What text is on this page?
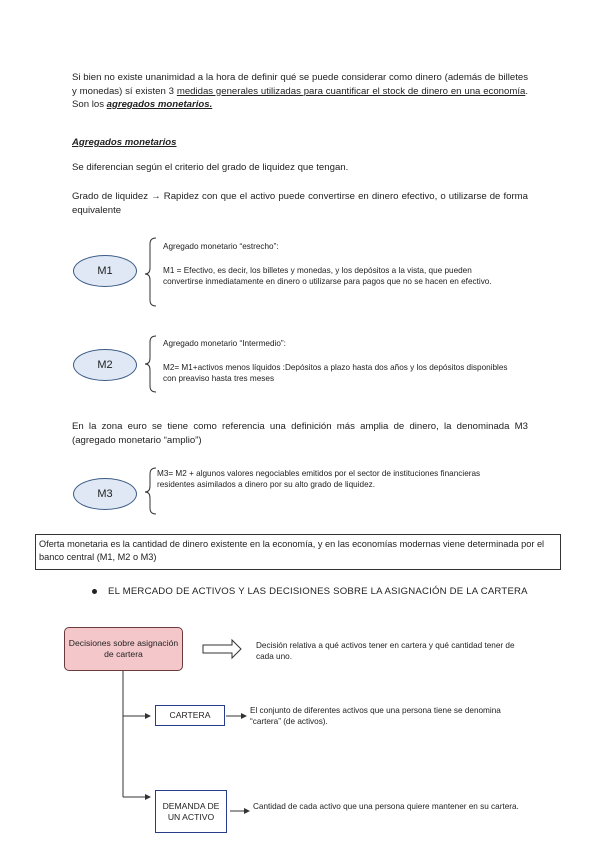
Si bien no existe unanimidad a la hora de definir qué se puede considerar como dinero (además de billetes y monedas) sí existen 3 medidas generales utilizadas para cuantificar el stock de dinero en una economía. Son los agregados monetarios.
Agregados monetarios
Se diferencian según el criterio del grado de liquidez que tengan.
Grado de liquidez → Rapidez con que el activo puede convertirse en dinero efectivo, o utilizarse de forma equivalente
M1
Agregado monetario “estrecho”:
M1 = Efectivo, es decir, los billetes y monedas, y los depósitos a la vista, que pueden convertirse inmediatamente en dinero o utilizarse para pagos que no se hacen en efectivo.
M2
Agregado monetario “Intermedio”:
M2= M1+activos menos líquidos :Depósitos a plazo hasta dos años y los depósitos disponibles con preaviso hasta tres meses
En la zona euro se tiene como referencia una definición más amplia de dinero, la denominada M3 (agregado monetario “amplio”)
M3
M3= M2 + algunos valores negociables emitidos por el sector de instituciones financieras residentes asimilados a dinero por su alto grado de liquidez.
Oferta monetaria es la cantidad de dinero existente en la economía, y en las economías modernas viene determinada por el banco central (M1, M2 o M3)
EL MERCADO DE ACTIVOS Y LAS DECISIONES SOBRE LA ASIGNACIÓN DE LA CARTERA
Decisiones sobre asignación de cartera
Decisión relativa a qué activos tener en cartera y qué cantidad tener de cada uno.
CARTERA	El conjunto de diferentes activos que una persona tiene se denomina “cartera” (de activos).
DEMANDA DE UN ACTIVO
Cantidad de cada activo que una persona quiere mantener en su cartera.
